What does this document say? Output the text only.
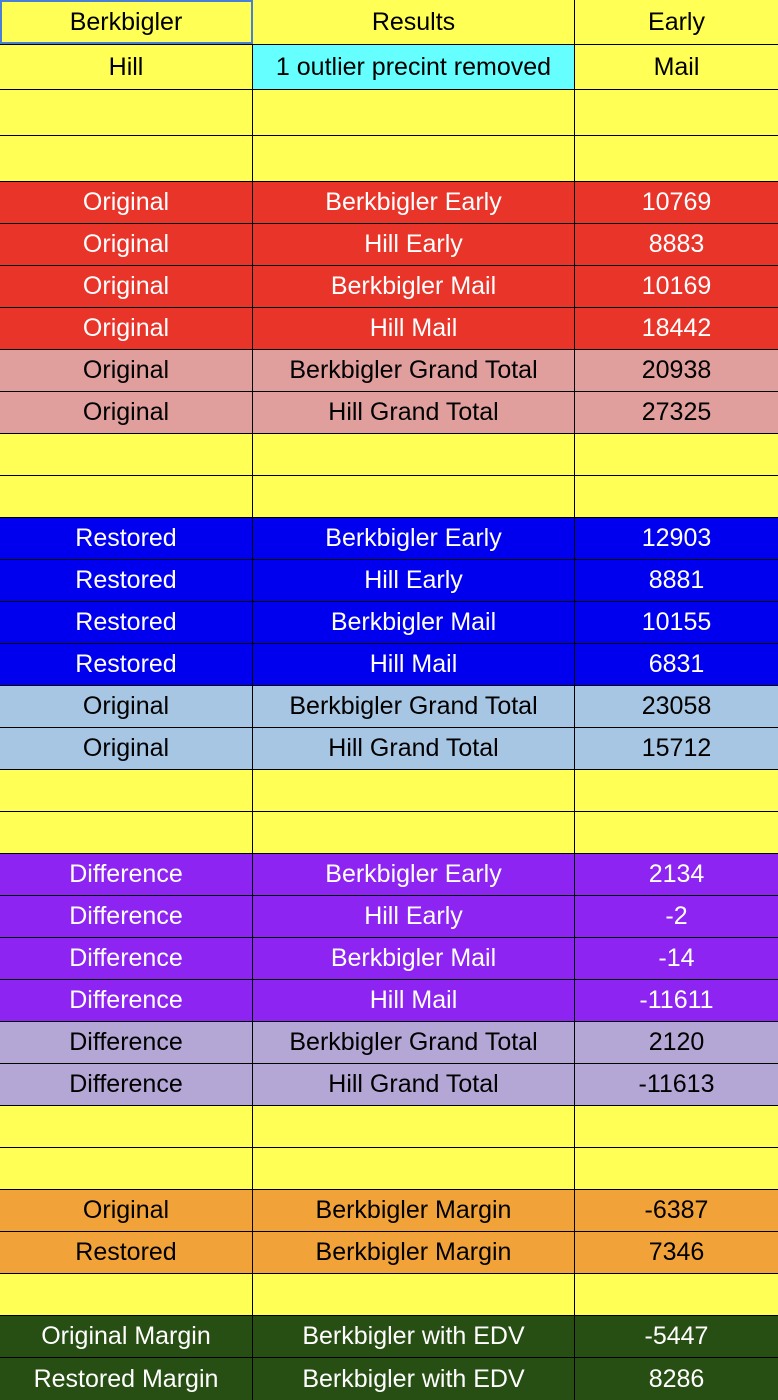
Berkbigler	Results	Early
Hill	1 outlier precint removed	Mail
Original	Berkbigler Early	10769
Original	Hill Early	8883
Original	Berkbigler Mail	10169
Original	Hill Mail	18442
Original	Berkbigler Grand Total	20938
Original	Hill Grand Total	27325
Restored	Berkbigler Early	12903
Restored	Hill Early	8881
Restored	Berkbigler Mail	10155
Restored	Hill Mail	6831
Original	Berkbigler Grand Total	23058
Original	Hill Grand Total	15712
Difference	Berkbigler Early	2134
Difference	Hill Early	-2
Difference	Berkbigler Mail	-14
Difference	Hill Mail	-11611
Difference	Berkbigler Grand Total	2120
Difference	Hill Grand Total	-11613
Original	Berkbigler Margin	-6387
Restored	Berkbigler Margin	7346
Original Margin	Berkbigler with EDV	-5447
Restored Margin	Berkbigler with EDV	8286
